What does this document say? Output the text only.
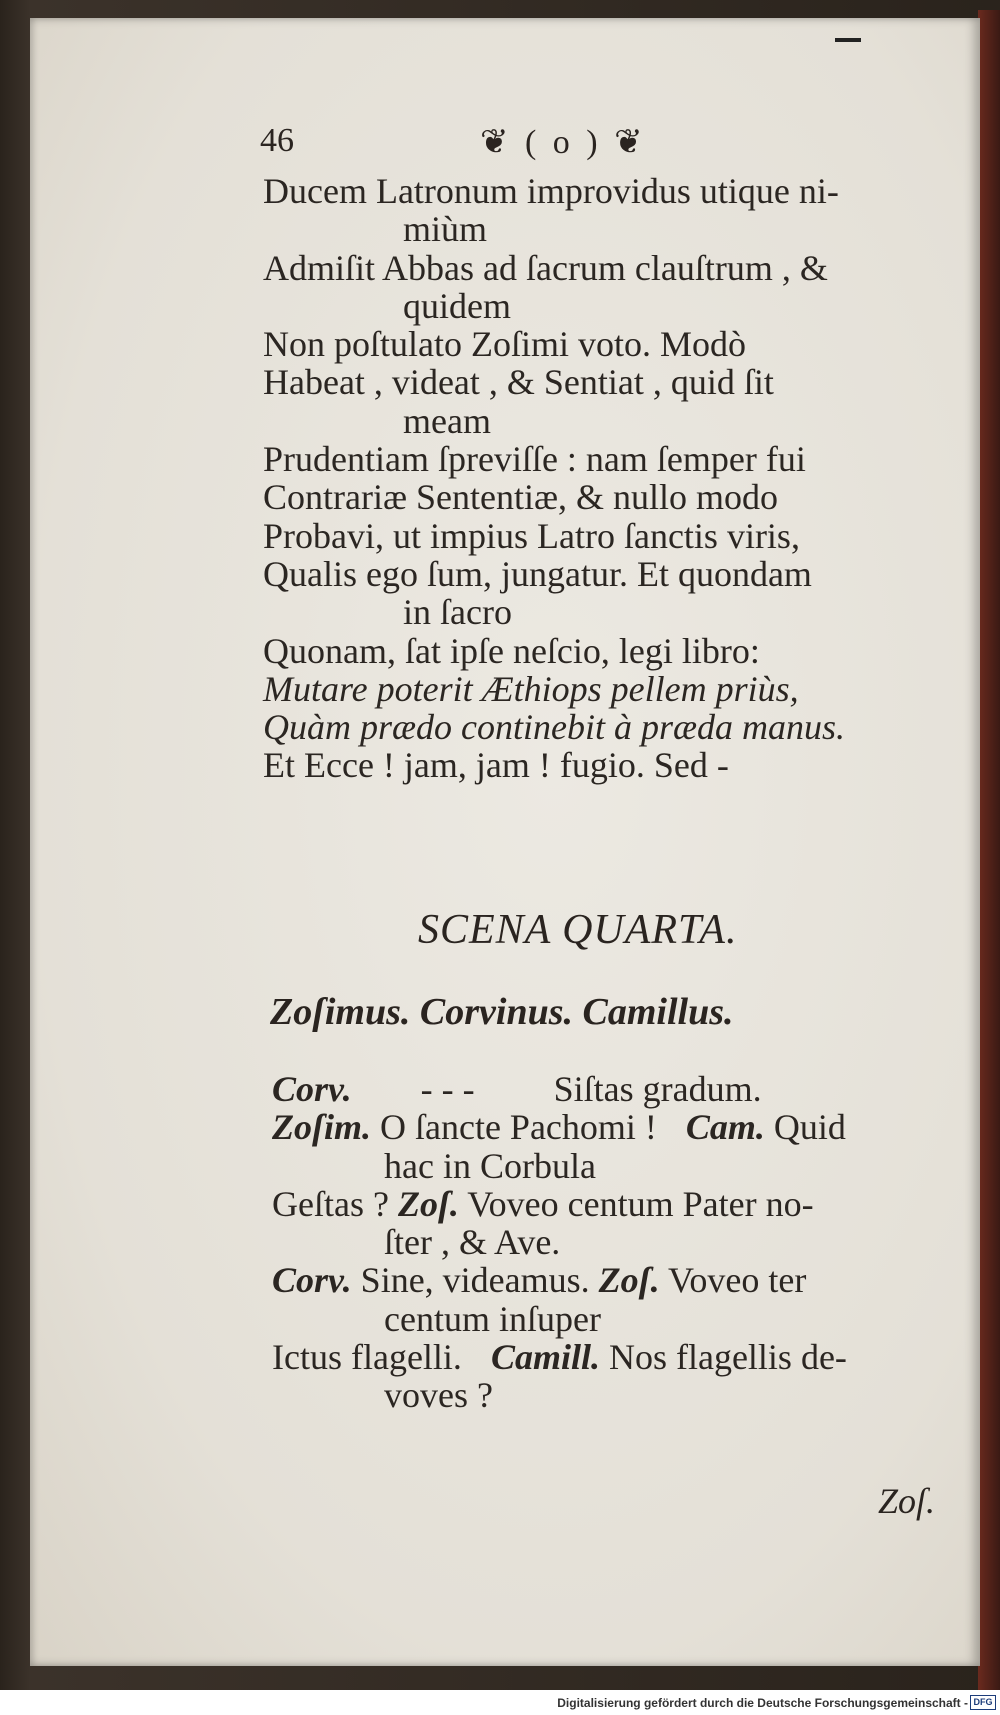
46	❦ ( o ) ❦
Ducem Latronum improvidus utique ni-
miùm
Admiſit Abbas ad ſacrum clauſtrum , &
quidem
Non poſtulato Zoſimi voto. Modò
Habeat , videat , & Sentiat , quid ſit
meam
Prudentiam ſpreviſſe : nam ſemper fui
Contrariæ Sententiæ, & nullo modo
Probavi, ut impius Latro ſanctis viris,
Qualis ego ſum, jungatur. Et quondam
in ſacro
Quonam, ſat ipſe neſcio, legi libro:
Mutare poterit Æthiops pellem priùs,
Quàm prædo continebit à præda manus.
Et Ecce ! jam, jam ! fugio. Sed -
SCENA QUARTA.
Zoſimus. Corvinus. Camillus.
Corv. - - - Siſtas gradum.
Zoſim. O ſancte Pachomi ! Cam. Quid
hac in Corbula
Geſtas ? Zoſ. Voveo centum Pater no-
ſter , & Ave.
Corv. Sine, videamus. Zoſ. Voveo ter
centum inſuper
Ictus flagelli. Camill. Nos flagellis de-
voves ?
Zoſ.
Digitalisierung gefördert durch die Deutsche Forschungsgemeinschaft - DFG
